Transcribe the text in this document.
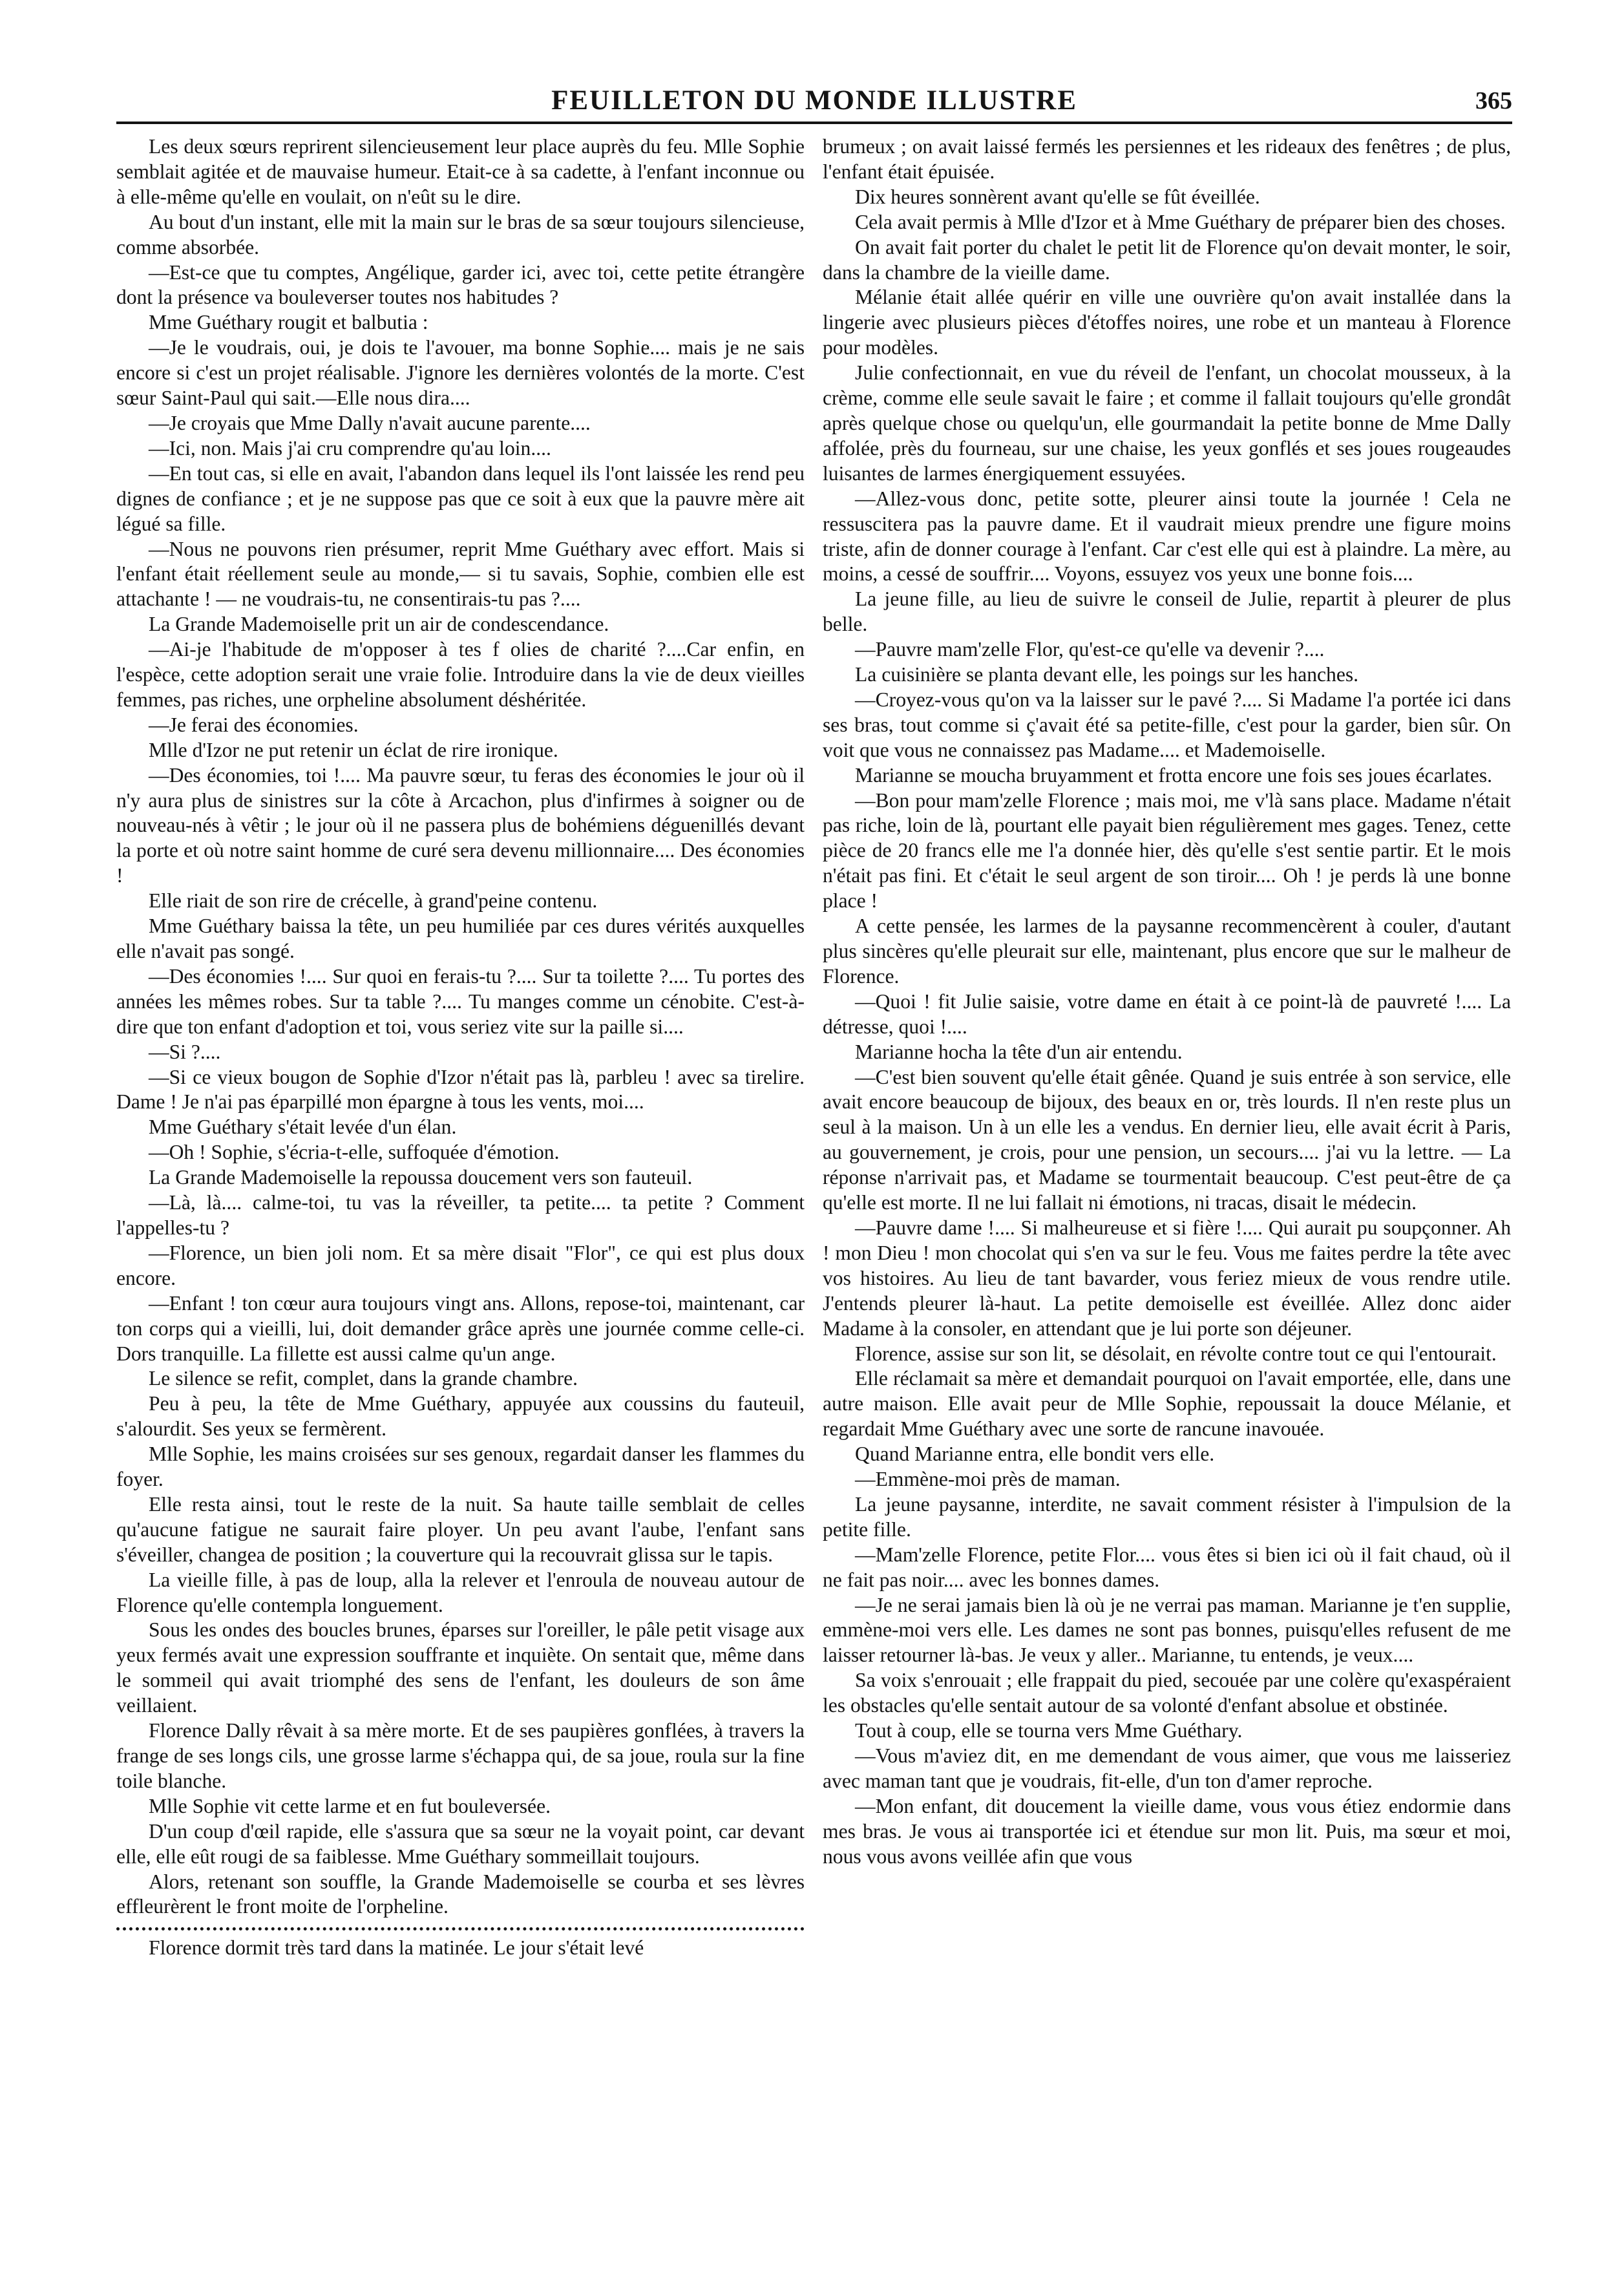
FEUILLETON DU MONDE ILLUSTRE	365

Les deux sœurs reprirent silencieusement leur place auprès du feu. Mlle Sophie semblait agitée et de mauvaise humeur. Etait-ce à sa cadette, à l'enfant inconnue ou à elle-même qu'elle en voulait, on n'eût su le dire.

Au bout d'un instant, elle mit la main sur le bras de sa sœur toujours silencieuse, comme absorbée.

—Est-ce que tu comptes, Angélique, garder ici, avec toi, cette petite étrangère dont la présence va bouleverser toutes nos habitudes ?

Mme Guéthary rougit et balbutia :

—Je le voudrais, oui, je dois te l'avouer, ma bonne Sophie.... mais je ne sais encore si c'est un projet réalisable. J'ignore les dernières volontés de la morte. C'est sœur Saint-Paul qui sait.—Elle nous dira....

—Je croyais que Mme Dally n'avait aucune parente....

—Ici, non. Mais j'ai cru comprendre qu'au loin....

—En tout cas, si elle en avait, l'abandon dans lequel ils l'ont laissée les rend peu dignes de confiance ; et je ne suppose pas que ce soit à eux que la pauvre mère ait légué sa fille.

—Nous ne pouvons rien présumer, reprit Mme Guéthary avec effort. Mais si l'enfant était réellement seule au monde,— si tu savais, Sophie, combien elle est attachante ! — ne voudrais-tu, ne consentirais-tu pas ?....

La Grande Mademoiselle prit un air de condescendance.

—Ai-je l'habitude de m'opposer à tes f olies de charité ?....Car enfin, en l'espèce, cette adoption serait une vraie folie. Introduire dans la vie de deux vieilles femmes, pas riches, une orpheline absolument déshéritée.

—Je ferai des économies.

Mlle d'Izor ne put retenir un éclat de rire ironique.

—Des économies, toi !.... Ma pauvre sœur, tu feras des économies le jour où il n'y aura plus de sinistres sur la côte à Arcachon, plus d'infirmes à soigner ou de nouveau-nés à vêtir ; le jour où il ne passera plus de bohémiens déguenillés devant la porte et où notre saint homme de curé sera devenu millionnaire.... Des économies !

Elle riait de son rire de crécelle, à grand'peine contenu.

Mme Guéthary baissa la tête, un peu humiliée par ces dures vérités auxquelles elle n'avait pas songé.

—Des économies !.... Sur quoi en ferais-tu ?.... Sur ta toilette ?.... Tu portes des années les mêmes robes. Sur ta table ?.... Tu manges comme un cénobite. C'est-à-dire que ton enfant d'adoption et toi, vous seriez vite sur la paille si....

—Si ?....

—Si ce vieux bougon de Sophie d'Izor n'était pas là, parbleu ! avec sa tirelire. Dame ! Je n'ai pas éparpillé mon épargne à tous les vents, moi....

Mme Guéthary s'était levée d'un élan.

—Oh ! Sophie, s'écria-t-elle, suffoquée d'émotion.

La Grande Mademoiselle la repoussa doucement vers son fauteuil.

—Là, là.... calme-toi, tu vas la réveiller, ta petite.... ta petite ? Comment l'appelles-tu ?

—Florence, un bien joli nom. Et sa mère disait "Flor", ce qui est plus doux encore.

—Enfant ! ton cœur aura toujours vingt ans. Allons, repose-toi, maintenant, car ton corps qui a vieilli, lui, doit demander grâce après une journée comme celle-ci. Dors tranquille. La fillette est aussi calme qu'un ange.

Le silence se refit, complet, dans la grande chambre.

Peu à peu, la tête de Mme Guéthary, appuyée aux coussins du fauteuil, s'alourdit. Ses yeux se fermèrent.

Mlle Sophie, les mains croisées sur ses genoux, regardait danser les flammes du foyer.

Elle resta ainsi, tout le reste de la nuit. Sa haute taille semblait de celles qu'aucune fatigue ne saurait faire ployer. Un peu avant l'aube, l'enfant sans s'éveiller, changea de position ; la couverture qui la recouvrait glissa sur le tapis.

La vieille fille, à pas de loup, alla la relever et l'enroula de nouveau autour de Florence qu'elle contempla longuement.

Sous les ondes des boucles brunes, éparses sur l'oreiller, le pâle petit visage aux yeux fermés avait une expression souffrante et inquiète. On sentait que, même dans le sommeil qui avait triomphé des sens de l'enfant, les douleurs de son âme veillaient.

Florence Dally rêvait à sa mère morte. Et de ses paupières gonflées, à travers la frange de ses longs cils, une grosse larme s'échappa qui, de sa joue, roula sur la fine toile blanche.

Mlle Sophie vit cette larme et en fut bouleversée.

D'un coup d'œil rapide, elle s'assura que sa sœur ne la voyait point, car devant elle, elle eût rougi de sa faiblesse. Mme Guéthary sommeillait toujours.

Alors, retenant son souffle, la Grande Mademoiselle se courba et ses lèvres effleurèrent le front moite de l'orpheline.

Florence dormit très tard dans la matinée. Le jour s'était levé

brumeux ; on avait laissé fermés les persiennes et les rideaux des fenêtres ; de plus, l'enfant était épuisée.

Dix heures sonnèrent avant qu'elle se fût éveillée.

Cela avait permis à Mlle d'Izor et à Mme Guéthary de préparer bien des choses.

On avait fait porter du chalet le petit lit de Florence qu'on devait monter, le soir, dans la chambre de la vieille dame.

Mélanie était allée quérir en ville une ouvrière qu'on avait installée dans la lingerie avec plusieurs pièces d'étoffes noires, une robe et un manteau à Florence pour modèles.

Julie confectionnait, en vue du réveil de l'enfant, un chocolat mousseux, à la crème, comme elle seule savait le faire ; et comme il fallait toujours qu'elle grondât après quelque chose ou quelqu'un, elle gourmandait la petite bonne de Mme Dally affolée, près du fourneau, sur une chaise, les yeux gonflés et ses joues rougeaudes luisantes de larmes énergiquement essuyées.

—Allez-vous donc, petite sotte, pleurer ainsi toute la journée ! Cela ne ressuscitera pas la pauvre dame. Et il vaudrait mieux prendre une figure moins triste, afin de donner courage à l'enfant. Car c'est elle qui est à plaindre. La mère, au moins, a cessé de souffrir.... Voyons, essuyez vos yeux une bonne fois....

La jeune fille, au lieu de suivre le conseil de Julie, repartit à pleurer de plus belle.

—Pauvre mam'zelle Flor, qu'est-ce qu'elle va devenir ?....

La cuisinière se planta devant elle, les poings sur les hanches.

—Croyez-vous qu'on va la laisser sur le pavé ?.... Si Madame l'a portée ici dans ses bras, tout comme si ç'avait été sa petite-fille, c'est pour la garder, bien sûr. On voit que vous ne connaissez pas Madame.... et Mademoiselle.

Marianne se moucha bruyamment et frotta encore une fois ses joues écarlates.

—Bon pour mam'zelle Florence ; mais moi, me v'là sans place. Madame n'était pas riche, loin de là, pourtant elle payait bien régulièrement mes gages. Tenez, cette pièce de 20 francs elle me l'a donnée hier, dès qu'elle s'est sentie partir. Et le mois n'était pas fini. Et c'était le seul argent de son tiroir.... Oh ! je perds là une bonne place !

A cette pensée, les larmes de la paysanne recommencèrent à couler, d'autant plus sincères qu'elle pleurait sur elle, maintenant, plus encore que sur le malheur de Florence.

—Quoi ! fit Julie saisie, votre dame en était à ce point-là de pauvreté !.... La détresse, quoi !....

Marianne hocha la tête d'un air entendu.

—C'est bien souvent qu'elle était gênée. Quand je suis entrée à son service, elle avait encore beaucoup de bijoux, des beaux en or, très lourds. Il n'en reste plus un seul à la maison. Un à un elle les a vendus. En dernier lieu, elle avait écrit à Paris, au gouvernement, je crois, pour une pension, un secours.... j'ai vu la lettre. — La réponse n'arrivait pas, et Madame se tourmentait beaucoup. C'est peut-être de ça qu'elle est morte. Il ne lui fallait ni émotions, ni tracas, disait le médecin.

—Pauvre dame !.... Si malheureuse et si fière !.... Qui aurait pu soupçonner. Ah ! mon Dieu ! mon chocolat qui s'en va sur le feu. Vous me faites perdre la tête avec vos histoires. Au lieu de tant bavarder, vous feriez mieux de vous rendre utile. J'entends pleurer là-haut. La petite demoiselle est éveillée. Allez donc aider Madame à la consoler, en attendant que je lui porte son déjeuner.

Florence, assise sur son lit, se désolait, en révolte contre tout ce qui l'entourait.

Elle réclamait sa mère et demandait pourquoi on l'avait emportée, elle, dans une autre maison. Elle avait peur de Mlle Sophie, repoussait la douce Mélanie, et regardait Mme Guéthary avec une sorte de rancune inavouée.

Quand Marianne entra, elle bondit vers elle.

—Emmène-moi près de maman.

La jeune paysanne, interdite, ne savait comment résister à l'impulsion de la petite fille.

—Mam'zelle Florence, petite Flor.... vous êtes si bien ici où il fait chaud, où il ne fait pas noir.... avec les bonnes dames.

—Je ne serai jamais bien là où je ne verrai pas maman. Marianne je t'en supplie, emmène-moi vers elle. Les dames ne sont pas bonnes, puisqu'elles refusent de me laisser retourner là-bas. Je veux y aller.. Marianne, tu entends, je veux....

Sa voix s'enrouait ; elle frappait du pied, secouée par une colère qu'exaspéraient les obstacles qu'elle sentait autour de sa volonté d'enfant absolue et obstinée.

Tout à coup, elle se tourna vers Mme Guéthary.

—Vous m'aviez dit, en me demendant de vous aimer, que vous me laisseriez avec maman tant que je voudrais, fit-elle, d'un ton d'amer reproche.

—Mon enfant, dit doucement la vieille dame, vous vous étiez endormie dans mes bras. Je vous ai transportée ici et étendue sur mon lit. Puis, ma sœur et moi, nous vous avons veillée afin que vous
